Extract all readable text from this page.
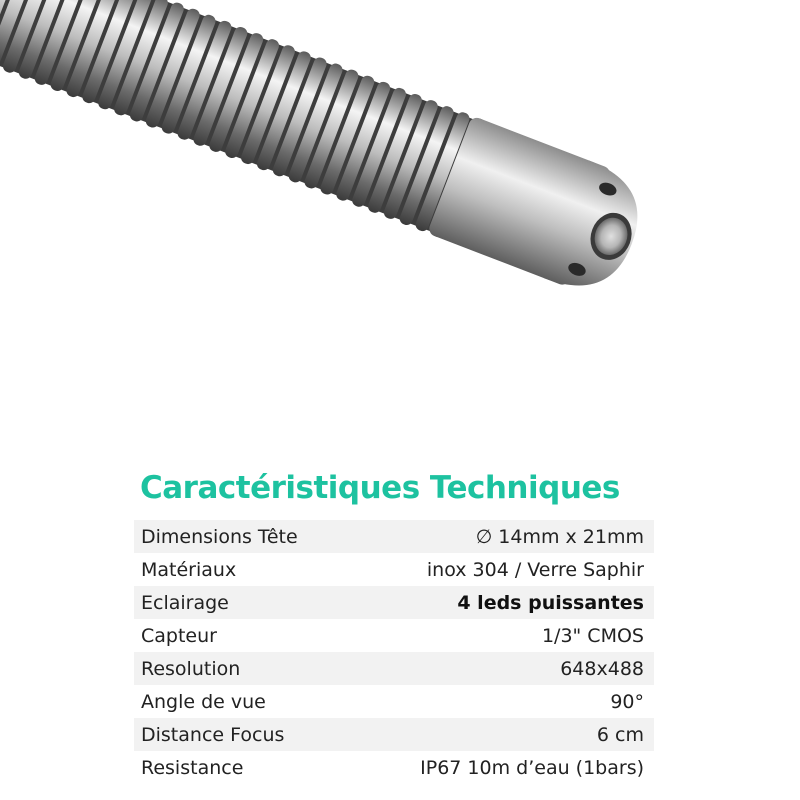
Caractéristiques Techniques
Dimensions Tête	∅ 14mm x 21mm
Matériaux	inox 304 / Verre Saphir
Eclairage	4 leds puissantes
Capteur	1/3" CMOS
Resolution	648x488
Angle de vue	90°
Distance Focus	6 cm
Resistance	IP67 10m d’eau (1bars)
